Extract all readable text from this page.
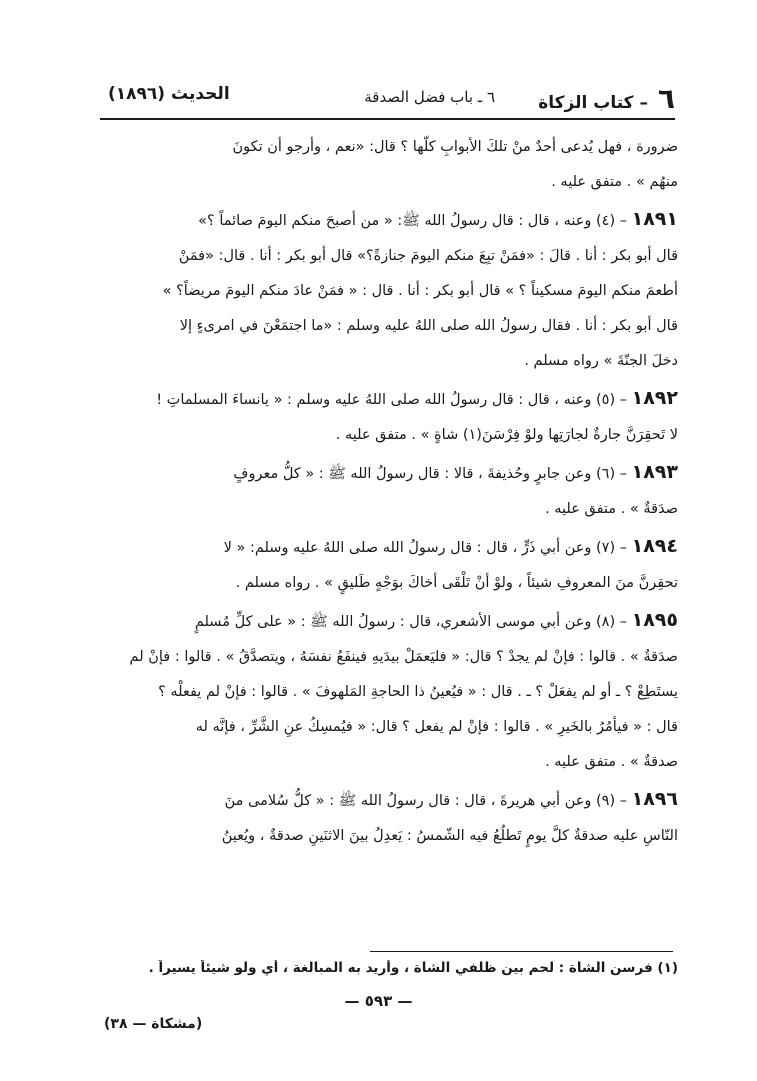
٦ – كتاب الزكاة
٦ ـ باب فضل الصدقة
الحديث (١٨٩٦)
ضرورة ، فهل يُدعى أحدٌ منْ تلكَ الأبوابِ كلّها ؟ قال: «نعم ، وأرجو أن تكونَ
منهُم » . متفق عليه .
١٨٩١ – (٤) وعنه ، قال : قال رسولُ الله ﷺ: « من أصبحَ منكم اليومَ صائماً ؟»
قال أبو بكر : أنا . قالَ : «فمَنْ تبِعَ منكم اليومَ جنازةً؟» قال أبو بكر : أنا . قال: «فمَنْ
أطعمَ منكم اليومَ مسكيناً ؟ » قال أبو بكر : أنا . قال : « فمَنْ عادَ منكم اليومَ مريضاً؟ »
قال أبو بكر : أنا . فقال رسولُ الله صلى اللهُ عليه وسلم : «ما اجتمَعْنَ في امرىءٍ إلا
دخلَ الجنّةَ » رواه مسلم .
١٨٩٢ – (٥) وعنه ، قال : قال رسولُ الله صلى اللهُ عليه وسلم : « يانساءَ المسلماتِ !
لا تَحقِرَنَّ جارةٌ لجارَتِها ولوْ فِرْسَنَ(١) شاةٍ » . متفق عليه .
١٨٩٣ – (٦) وعن جابرٍ وحُذيفةَ ، قالا : قال رسولُ الله ﷺ : « كلُّ معروفٍ
صدَقةٌ » . متفق عليه .
١٨٩٤ – (٧) وعن أبي ذَرٍّ ، قال : قال رسولُ الله صلى اللهُ عليه وسلم: « لا
تحقِرنَّ منَ المعروفِ شيئاً ، ولوْ أنْ تَلْقَى أخاكَ بوَجْهٍ طَليقٍ » . رواه مسلم .
١٨٩٥ – (٨) وعن أبي موسى الأشعري، قال : رسولُ الله ﷺ : « على كلِّ مُسلمٍ
صدَقةٌ » . قالوا : فإنْ لم يجدْ ؟ قال: « فليَعمَلْ بيدَيهِ فينفَعُ نفسَهُ ، ويتصدَّقُ » . قالوا : فإنْ لم
يستَطِعْ ؟ ـ أو لم يفعَلْ ؟ ـ . قال : « فيُعينُ ذا الحاجةِ المَلهوفَ » . قالوا : فإنْ لم يفعلْه ؟
قال : « فيأمُرُ بالخَيرِ » . قالوا : فإنْ لم يفعل ؟ قال: « فيُمسِكُ عنِ الشَّرِّ ، فإنَّه له
صدقةٌ » . متفق عليه .
١٨٩٦ – (٩) وعن أبي هريرةَ ، قال : قال رسولُ الله ﷺ : « كلُّ سُلامى منَ
النّاسِ عليه صدقةٌ كلَّ يومٍ تَطلُعُ فيه الشّمسُ : يَعدِلُ بينَ الاثنَينِ صدقةٌ ، ويُعينُ
(١) فرسن الشاة : لحم بين ظلفي الشاة ، وأريد به المبالغة ، أي ولو شيئاً يسيراً .
— ٥٩٣ —
(مشكاة — ٣٨)
